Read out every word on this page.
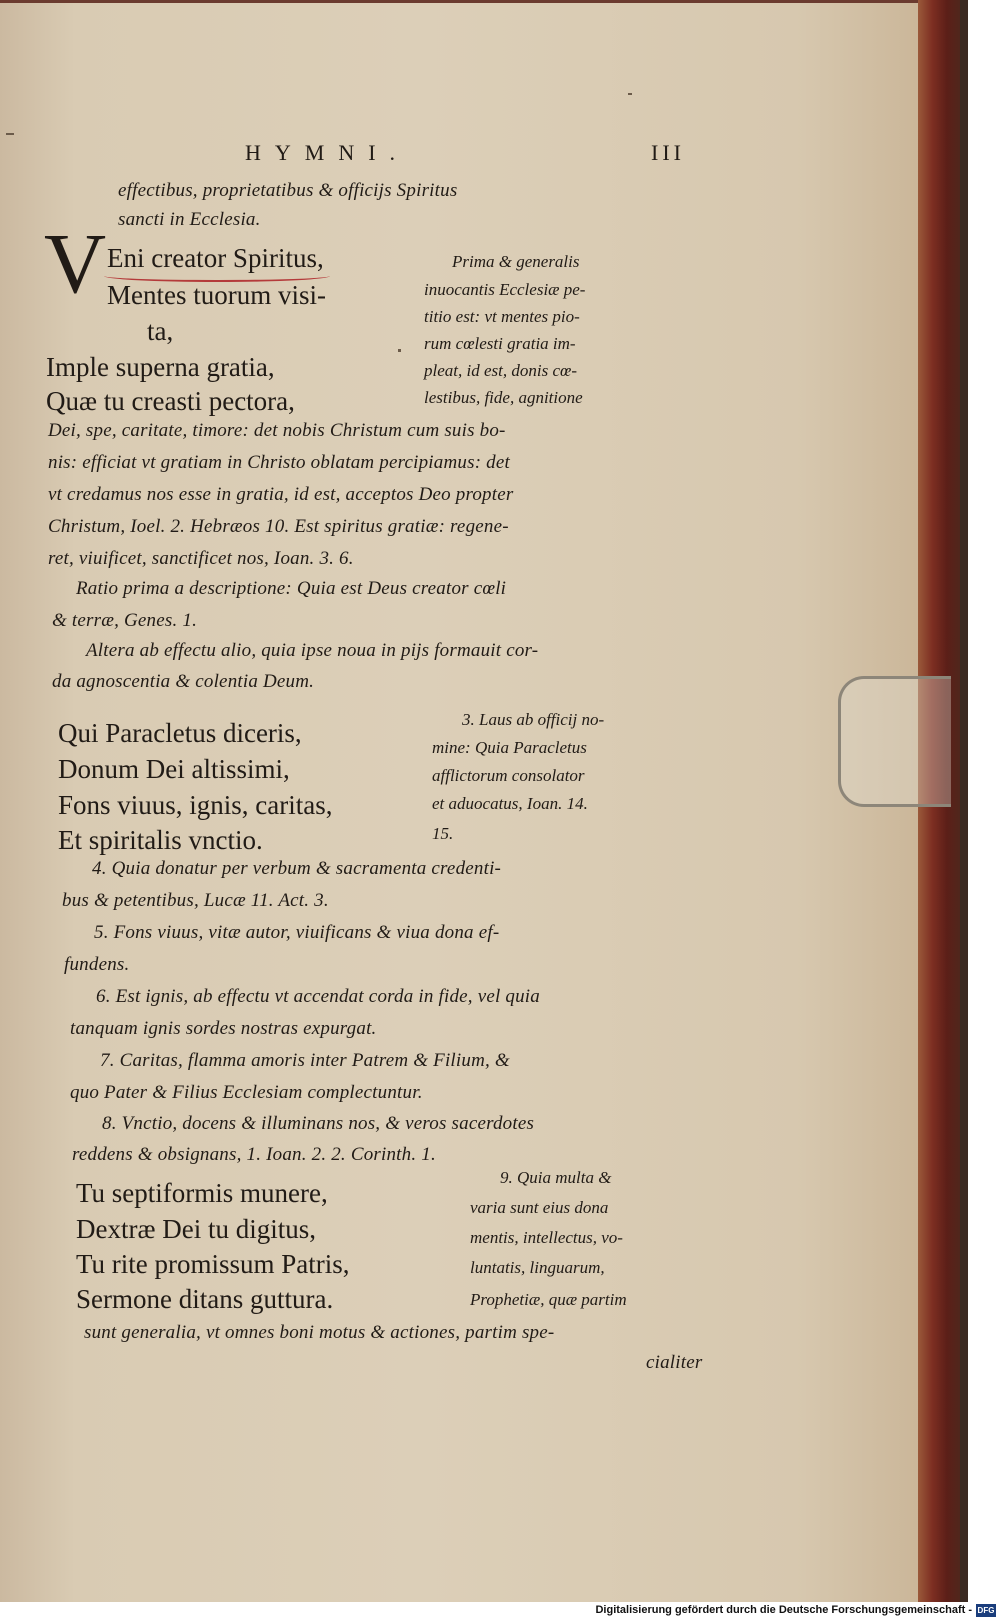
HYMNI.	III
effectibus, proprietatibus & officijs Spiritus
sancti in Ecclesia.
V Eni creator Spiritus,
Mentes tuorum visi-
ta,
Imple superna gratia,
Quæ tu creasti pectora,
Prima & generalis
inuocantis Ecclesiæ pe-
titio est: vt mentes pio-
rum cœlesti gratia im-
pleat, id est, donis cœ-
lestibus, fide, agnitione
Dei, spe, caritate, timore: det nobis Christum cum suis bo-
nis: efficiat vt gratiam in Christo oblatam percipiamus: det
vt credamus nos esse in gratia, id est, acceptos Deo propter
Christum, Ioel. 2. Hebræos 10. Est spiritus gratiæ: regene-
ret, viuificet, sanctificet nos, Ioan. 3. 6.
Ratio prima a descriptione: Quia est Deus creator cœli
& terræ, Genes. 1.
Altera ab effectu alio, quia ipse noua in pijs formauit cor-
da agnoscentia & colentia Deum.
Qui Paracletus diceris,
Donum Dei altissimi,
Fons viuus, ignis, caritas,
Et spiritalis vnctio.
3. Laus ab officij no-
mine: Quia Paracletus
afflictorum consolator
et aduocatus, Ioan. 14.
15.
4. Quia donatur per verbum & sacramenta credenti-
bus & petentibus, Lucæ 11. Act. 3.
5. Fons viuus, vitæ autor, viuificans & viua dona ef-
fundens.
6. Est ignis, ab effectu vt accendat corda in fide, vel quia
tanquam ignis sordes nostras expurgat.
7. Caritas, flamma amoris inter Patrem & Filium, &
quo Pater & Filius Ecclesiam complectuntur.
8. Vnctio, docens & illuminans nos, & veros sacerdotes
reddens & obsignans, 1. Ioan. 2. 2. Corinth. 1.
Tu septiformis munere,
Dextræ Dei tu digitus,
Tu rite promissum Patris,
Sermone ditans guttura.
9. Quia multa &
varia sunt eius dona
mentis, intellectus, vo-
luntatis, linguarum,
Prophetiæ, quæ partim
sunt generalia, vt omnes boni motus & actiones, partim spe-
cialiter
Digitalisierung gefördert durch die Deutsche Forschungsgemeinschaft - DFG
